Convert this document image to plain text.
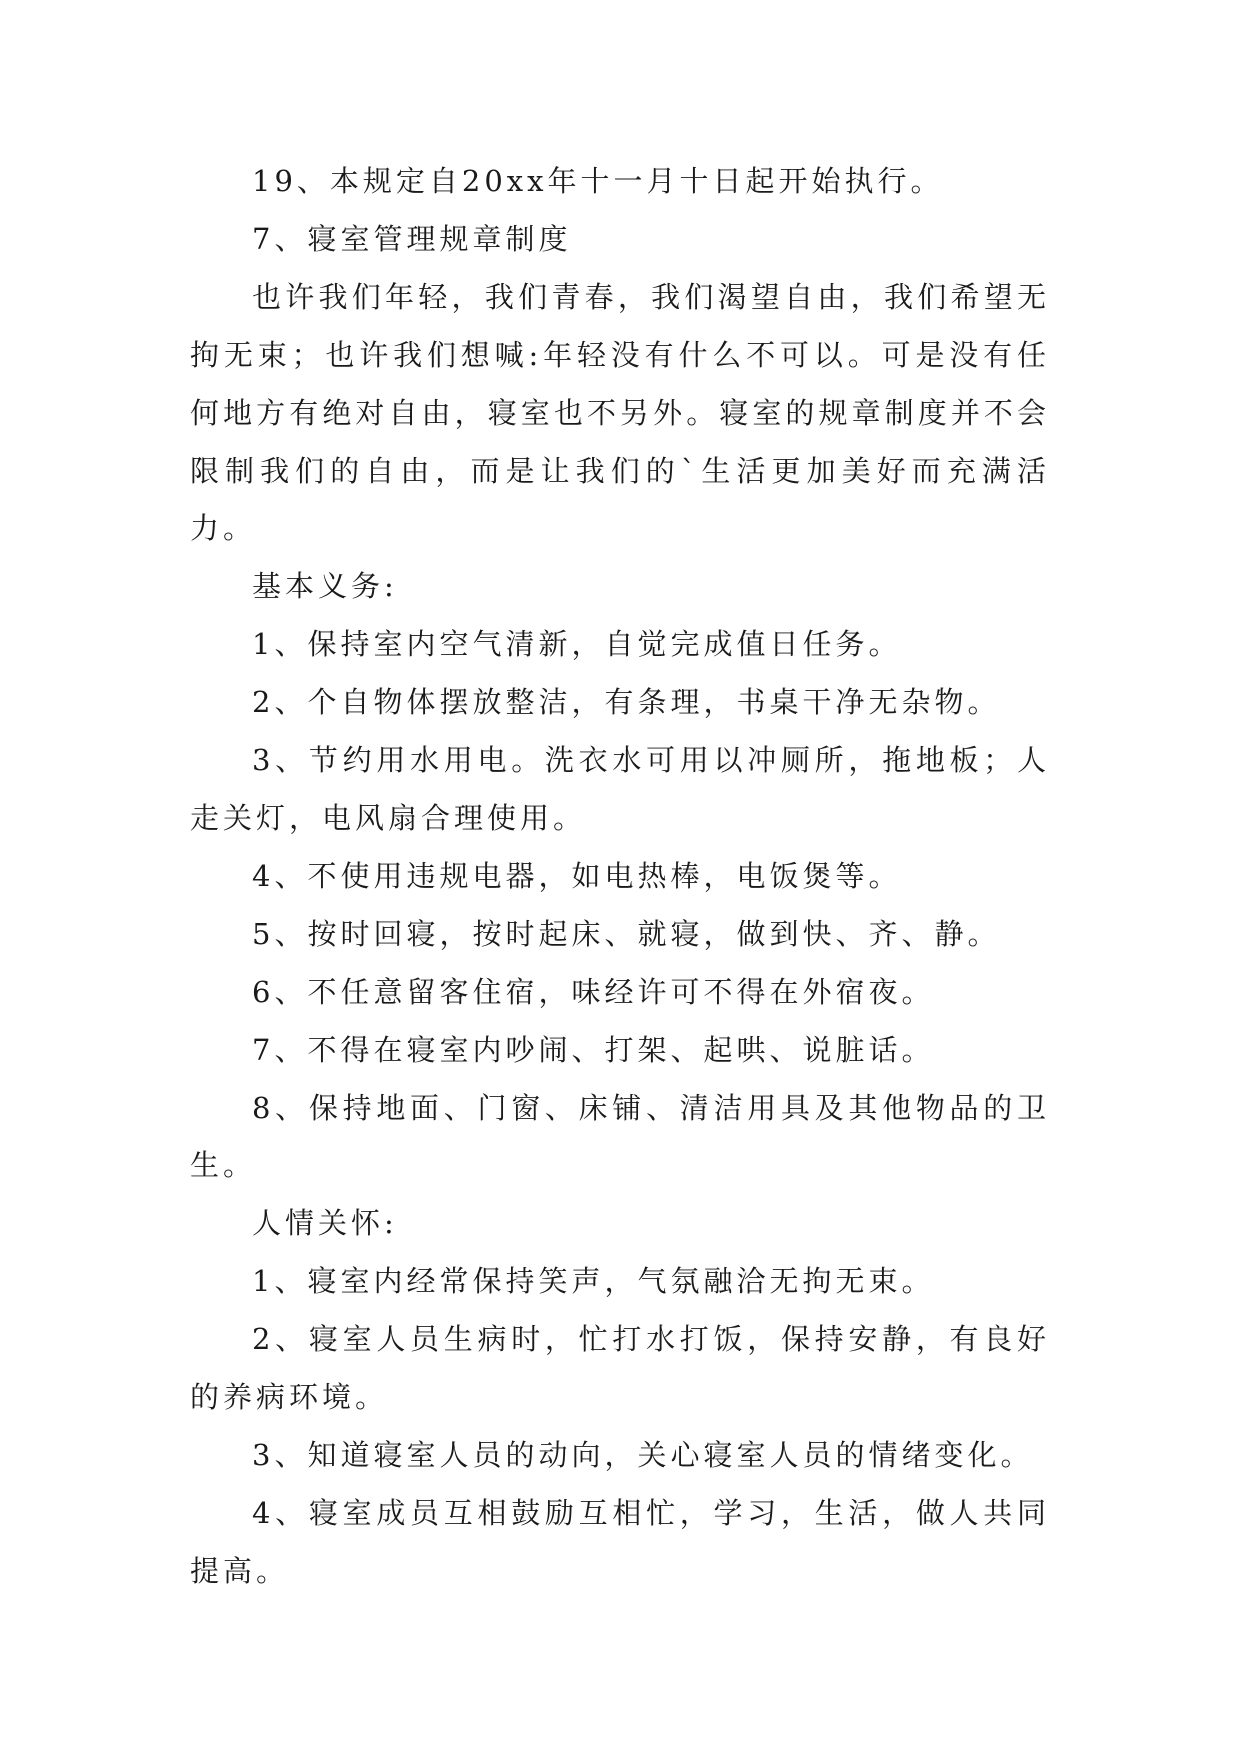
19、本规定自20xx年十一月十日起开始执行。

7、寝室管理规章制度

也许我们年轻，我们青春，我们渴望自由，我们希望无拘无束；也许我们想喊:年轻没有什么不可以。可是没有任何地方有绝对自由，寝室也不另外。寝室的规章制度并不会限制我们的自由，而是让我们的`生活更加美好而充满活力。

基本义务:

1、保持室内空气清新，自觉完成值日任务。

2、个自物体摆放整洁，有条理，书桌干净无杂物。

3、节约用水用电。洗衣水可用以冲厕所，拖地板；人走关灯，电风扇合理使用。

4、不使用违规电器，如电热棒，电饭煲等。

5、按时回寝，按时起床、就寝，做到快、齐、静。

6、不任意留客住宿，味经许可不得在外宿夜。

7、不得在寝室内吵闹、打架、起哄、说脏话。

8、保持地面、门窗、床铺、清洁用具及其他物品的卫生。

人情关怀:

1、寝室内经常保持笑声，气氛融洽无拘无束。

2、寝室人员生病时，忙打水打饭，保持安静，有良好的养病环境。

3、知道寝室人员的动向，关心寝室人员的情绪变化。

4、寝室成员互相鼓励互相忙，学习，生活，做人共同提高。
